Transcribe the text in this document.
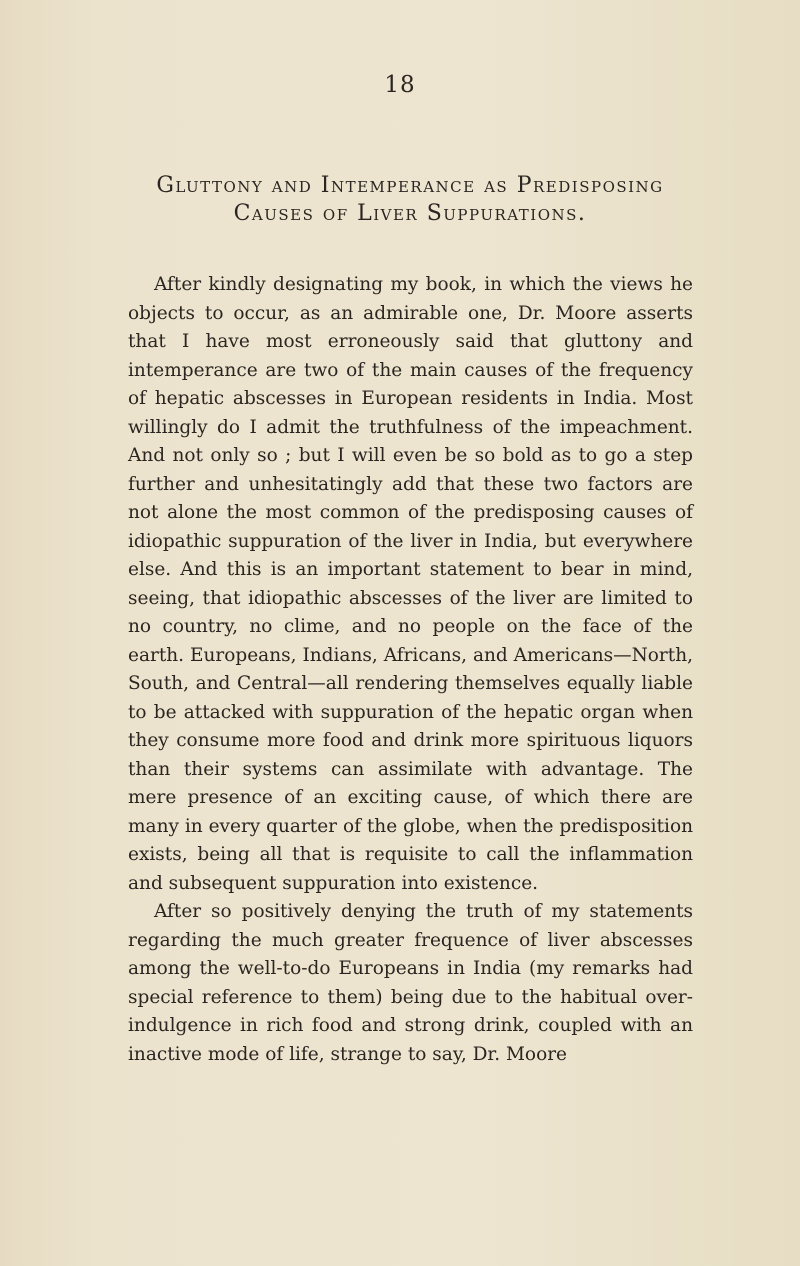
18
Gluttony and Intemperance as Predisposing Causes of Liver Suppurations.

After kindly designating my book, in which the views he objects to occur, as an admirable one, Dr. Moore asserts that I have most erroneously said that gluttony and intemperance are two of the main causes of the frequency of hepatic abscesses in European residents in India. Most willingly do I admit the truthfulness of the impeachment. And not only so ; but I will even be so bold as to go a step further and unhesitatingly add that these two factors are not alone the most common of the predisposing causes of idiopathic suppuration of the liver in India, but everywhere else. And this is an important statement to bear in mind, seeing, that idiopathic abscesses of the liver are limited to no country, no clime, and no people on the face of the earth. Europeans, Indians, Africans, and Americans—North, South, and Central—all rendering themselves equally liable to be attacked with suppuration of the hepatic organ when they consume more food and drink more spirituous liquors than their systems can assimilate with advantage. The mere presence of an exciting cause, of which there are many in every quarter of the globe, when the predisposition exists, being all that is requisite to call the inflammation and subsequent suppuration into existence.

After so positively denying the truth of my statements regarding the much greater frequence of liver abscesses among the well-to-do Europeans in India (my remarks had special reference to them) being due to the habitual over-indulgence in rich food and strong drink, coupled with an inactive mode of life, strange to say, Dr. Moore
